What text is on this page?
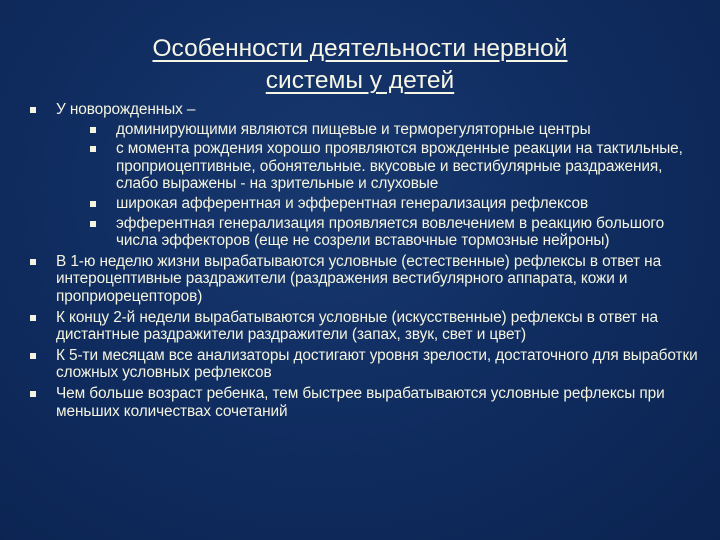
Особенности деятельности нервной
системы у детей
У новорожденных –
доминирующими являются пищевые и терморегуляторные центры
с момента рождения хорошо проявляются врожденные реакции на тактильные, проприоцептивные, обонятельные. вкусовые и вестибулярные раздражения, слабо выражены - на зрительные и слуховые
широкая афферентная и эфферентная генерализация рефлексов
эфферентная генерализация проявляется вовлечением в реакцию большого числа эффекторов (еще не созрели вставочные тормозные нейроны)
В 1-ю неделю жизни вырабатываются условные (естественные) рефлексы в ответ на интероцептивные раздражители (раздражения вестибулярного аппарата, кожи и проприорецепторов)
К концу 2-й недели вырабатываются условные (искусственные) рефлексы в ответ на дистантные раздражители раздражители (запах, звук, свет и цвет)
К 5-ти месяцам все анализаторы достигают уровня зрелости, достаточного для выработки сложных условных рефлексов
Чем больше возраст ребенка, тем быстрее вырабатываются условные рефлексы при меньших количествах сочетаний
